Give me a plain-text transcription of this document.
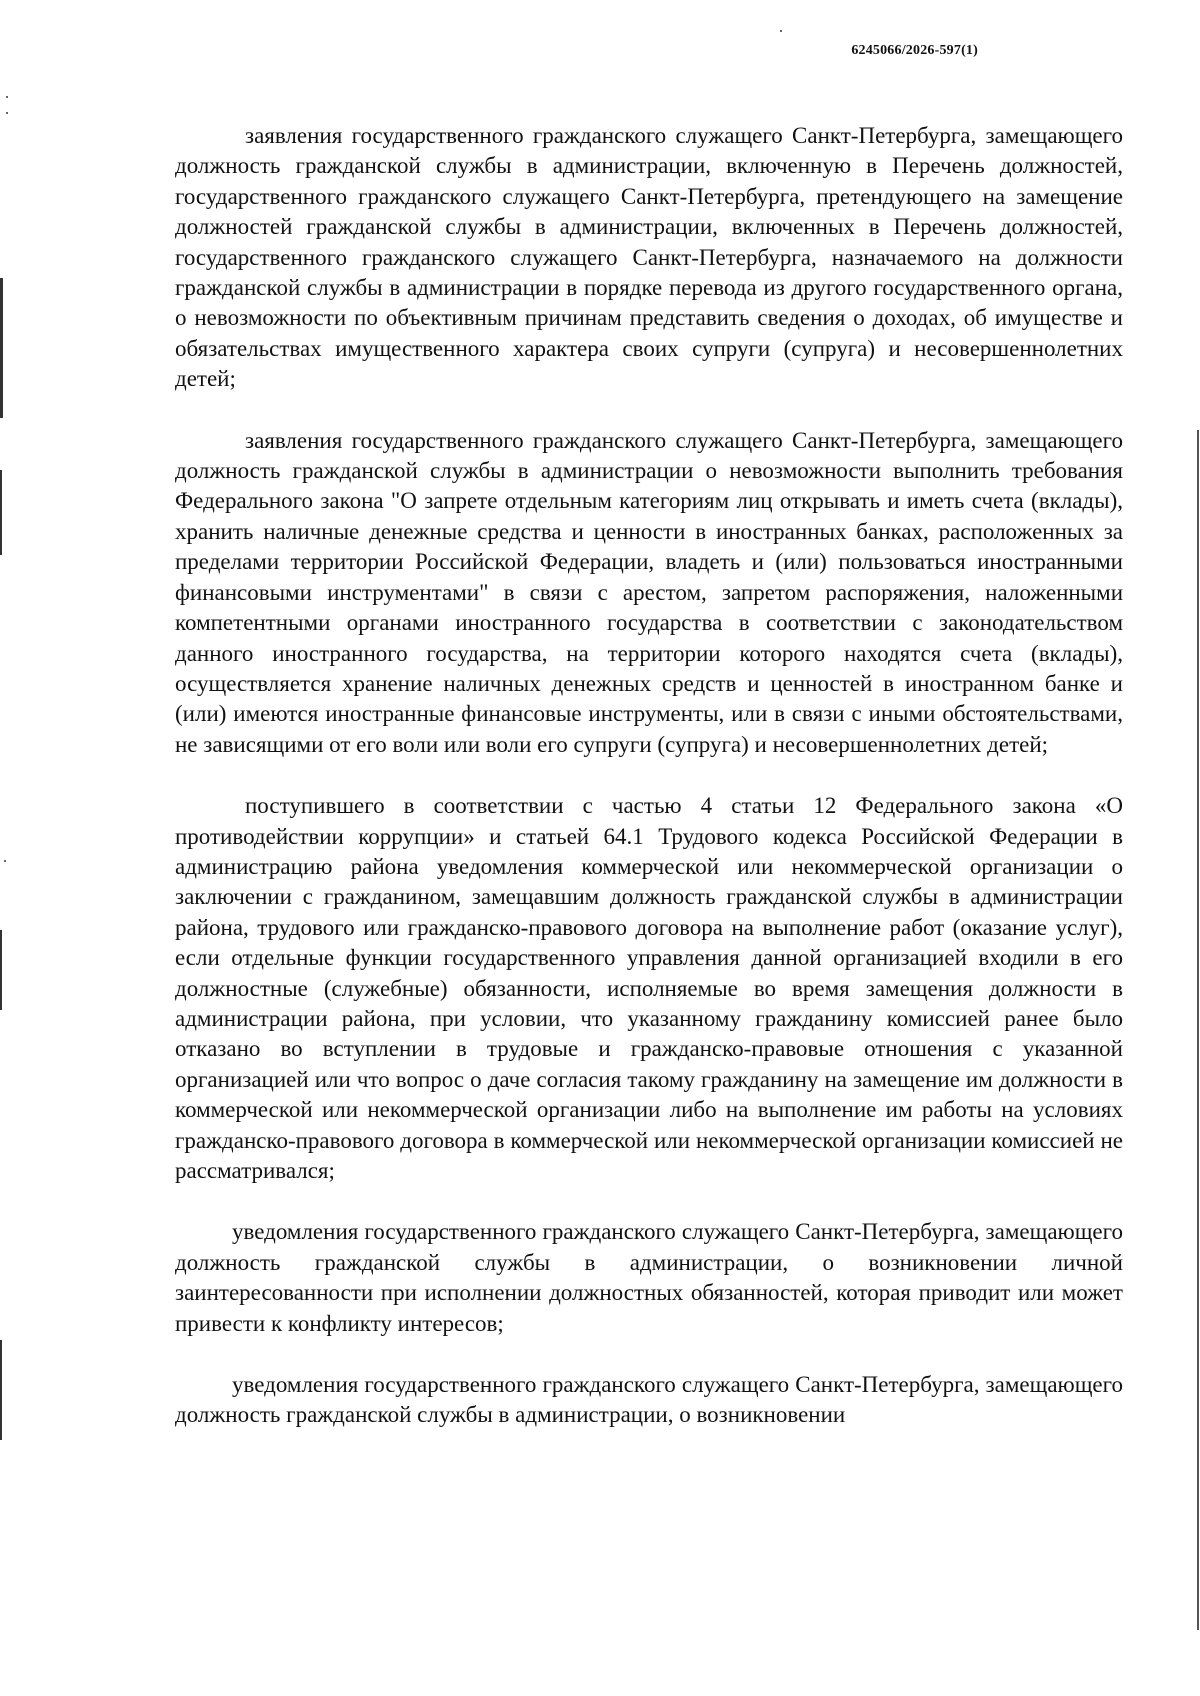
6245066/2026-597(1)

заявления государственного гражданского служащего Санкт-Петербурга, замещающего должность гражданской службы в администрации, включенную в Перечень должностей, государственного гражданского служащего Санкт-Петербурга, претендующего на замещение должностей гражданской службы в администрации, включенных в Перечень должностей, государственного гражданского служащего Санкт-Петербурга, назначаемого на должности гражданской службы в администрации в порядке перевода из другого государственного органа, о невозможности по объективным причинам представить сведения о доходах, об имуществе и обязательствах имущественного характера своих супруги (супруга) и несовершеннолетних детей;

заявления государственного гражданского служащего Санкт-Петербурга, замещающего должность гражданской службы в администрации о невозможности выполнить требования Федерального закона "О запрете отдельным категориям лиц открывать и иметь счета (вклады), хранить наличные денежные средства и ценности в иностранных банках, расположенных за пределами территории Российской Федерации, владеть и (или) пользоваться иностранными финансовыми инструментами" в связи с арестом, запретом распоряжения, наложенными компетентными органами иностранного государства в соответствии с законодательством данного иностранного государства, на территории которого находятся счета (вклады), осуществляется хранение наличных денежных средств и ценностей в иностранном банке и (или) имеются иностранные финансовые инструменты, или в связи с иными обстоятельствами, не зависящими от его воли или воли его супруги (супруга) и несовершеннолетних детей;

поступившего в соответствии с частью 4 статьи 12 Федерального закона «О противодействии коррупции» и статьей 64.1 Трудового кодекса Российской Федерации в администрацию района уведомления коммерческой или некоммерческой организации о заключении с гражданином, замещавшим должность гражданской службы в администрации района, трудового или гражданско-правового договора на выполнение работ (оказание услуг), если отдельные функции государственного управления данной организацией входили в его должностные (служебные) обязанности, исполняемые во время замещения должности в администрации района, при условии, что указанному гражданину комиссией ранее было отказано во вступлении в трудовые и гражданско-правовые отношения с указанной организацией или что вопрос о даче согласия такому гражданину на замещение им должности в коммерческой или некоммерческой организации либо на выполнение им работы на условиях гражданско-правового договора в коммерческой или некоммерческой организации комиссией не рассматривался;

уведомления государственного гражданского служащего Санкт-Петербурга, замещающего должность гражданской службы в администрации, о возникновении личной заинтересованности при исполнении должностных обязанностей, которая приводит или может привести к конфликту интересов;

уведомления государственного гражданского служащего Санкт-Петербурга, замещающего должность гражданской службы в администрации, о возникновении
